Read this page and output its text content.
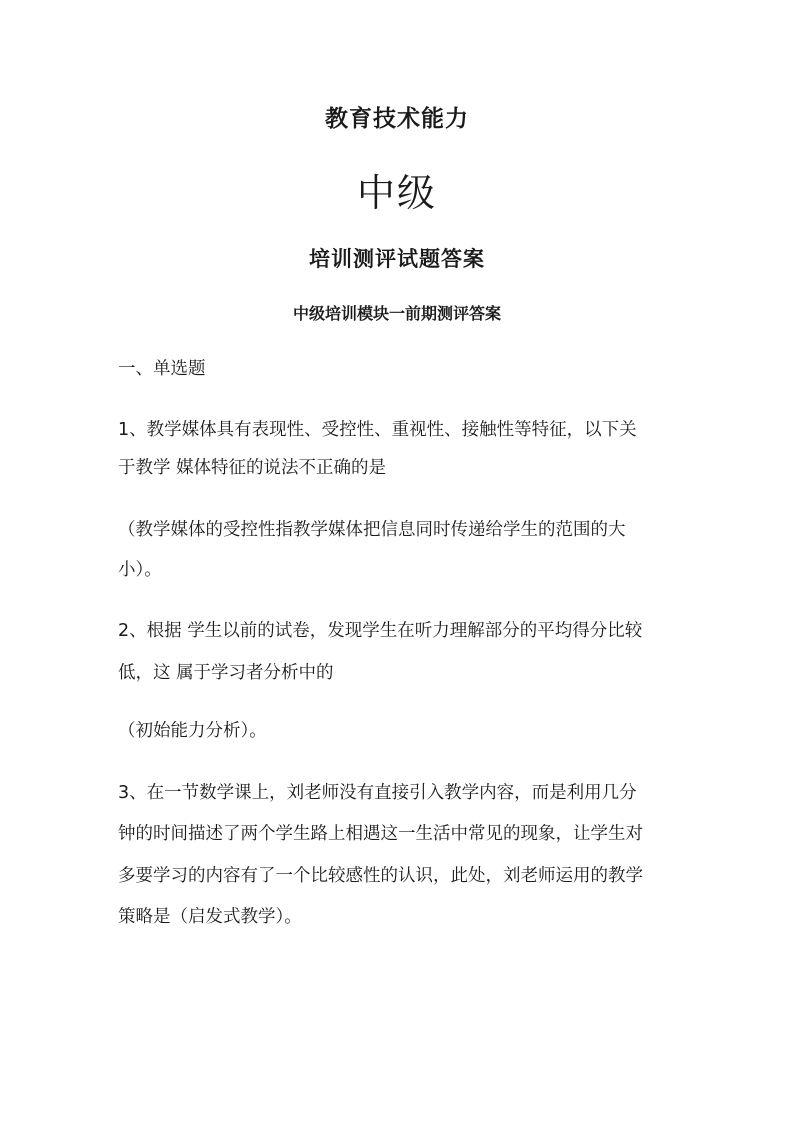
教育技术能力
中级
培训测评试题答案
中级培训模块一前期测评答案
一、单选题
1、教学媒体具有表现性、受控性、重视性、接触性等特征，以下关
于教学 媒体特征的说法不正确的是
（教学媒体的受控性指教学媒体把信息同时传递给学生的范围的大
小）。
2、根据 学生以前的试卷，发现学生在听力理解部分的平均得分比较
低，这 属于学习者分析中的
（初始能力分析）。
3、在一节数学课上，刘老师没有直接引入教学内容，而是利用几分
钟的时间描述了两个学生路上相遇这一生活中常见的现象，让学生对
多要学习的内容有了一个比较感性的认识，此处，刘老师运用的教学
策略是（启发式教学）。
